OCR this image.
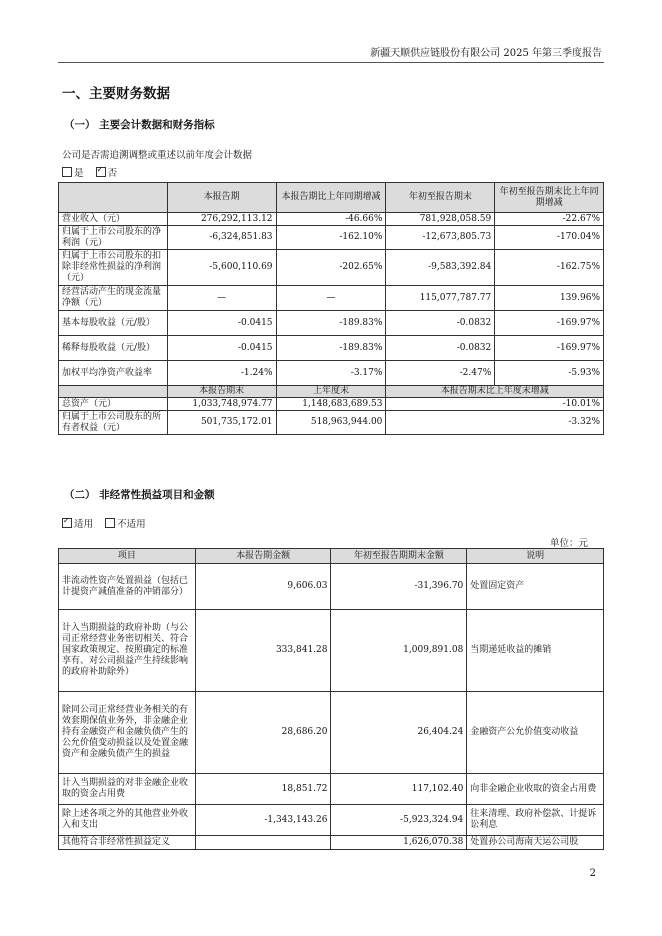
新疆天顺供应链股份有限公司 2025 年第三季度报告
一、主要财务数据
（一） 主要会计数据和财务指标
公司是否需追溯调整或重述以前年度会计数据
是 ✓	否
	本报告期	本报告期比上年同期增减	年初至报告期末	年初至报告期末比上年同期增减
营业收入（元）	276,292,113.12	-46.66%	781,928,058.59	-22.67%
归属于上市公司股东的净利润（元）	-6,324,851.83	-162.10%	-12,673,805.73	-170.04%
归属于上市公司股东的扣除非经常性损益的净利润（元）	-5,600,110.69	-202.65%	-9,583,392.84	-162.75%
经营活动产生的现金流量净额（元）	—	—	115,077,787.77	139.96%
基本每股收益（元/股）	-0.0415	-189.83%	-0.0832	-169.97%
稀释每股收益（元/股）	-0.0415	-189.83%	-0.0832	-169.97%
加权平均净资产收益率	-1.24%	-3.17%	-2.47%	-5.93%
	本报告期末	上年度末	本报告期末比上年度末增减	
总资产（元）	1,033,748,974.77	1,148,683,689.53	-10.01%	
归属于上市公司股东的所有者权益（元）	501,735,172.01	518,963,944.00	-3.32%	
（二） 非经常性损益项目和金额
✓适用	不适用
单位：元
项目	本报告期金额	年初至报告期期末金额	说明
非流动性资产处置损益（包括已计提资产减值准备的冲销部分）	9,606.03	-31,396.70	处置固定资产
计入当期损益的政府补助（与公司正常经营业务密切相关、符合国家政策规定、按照确定的标准享有、对公司损益产生持续影响的政府补助除外）	333,841.28	1,009,891.08	当期递延收益的摊销
除同公司正常经营业务相关的有效套期保值业务外，非金融企业持有金融资产和金融负债产生的公允价值变动损益以及处置金融资产和金融负债产生的损益	28,686.20	26,404.24	金融资产公允价值变动收益
计入当期损益的对非金融企业收取的资金占用费	18,851.72	117,102.40	向非金融企业收取的资金占用费
除上述各项之外的其他营业外收入和支出	-1,343,143.26	-5,923,324.94	往来清理、政府补偿款、计提诉讼利息
其他符合非经常性损益定义		1,626,070.38	处置孙公司海南天运公司股
2
